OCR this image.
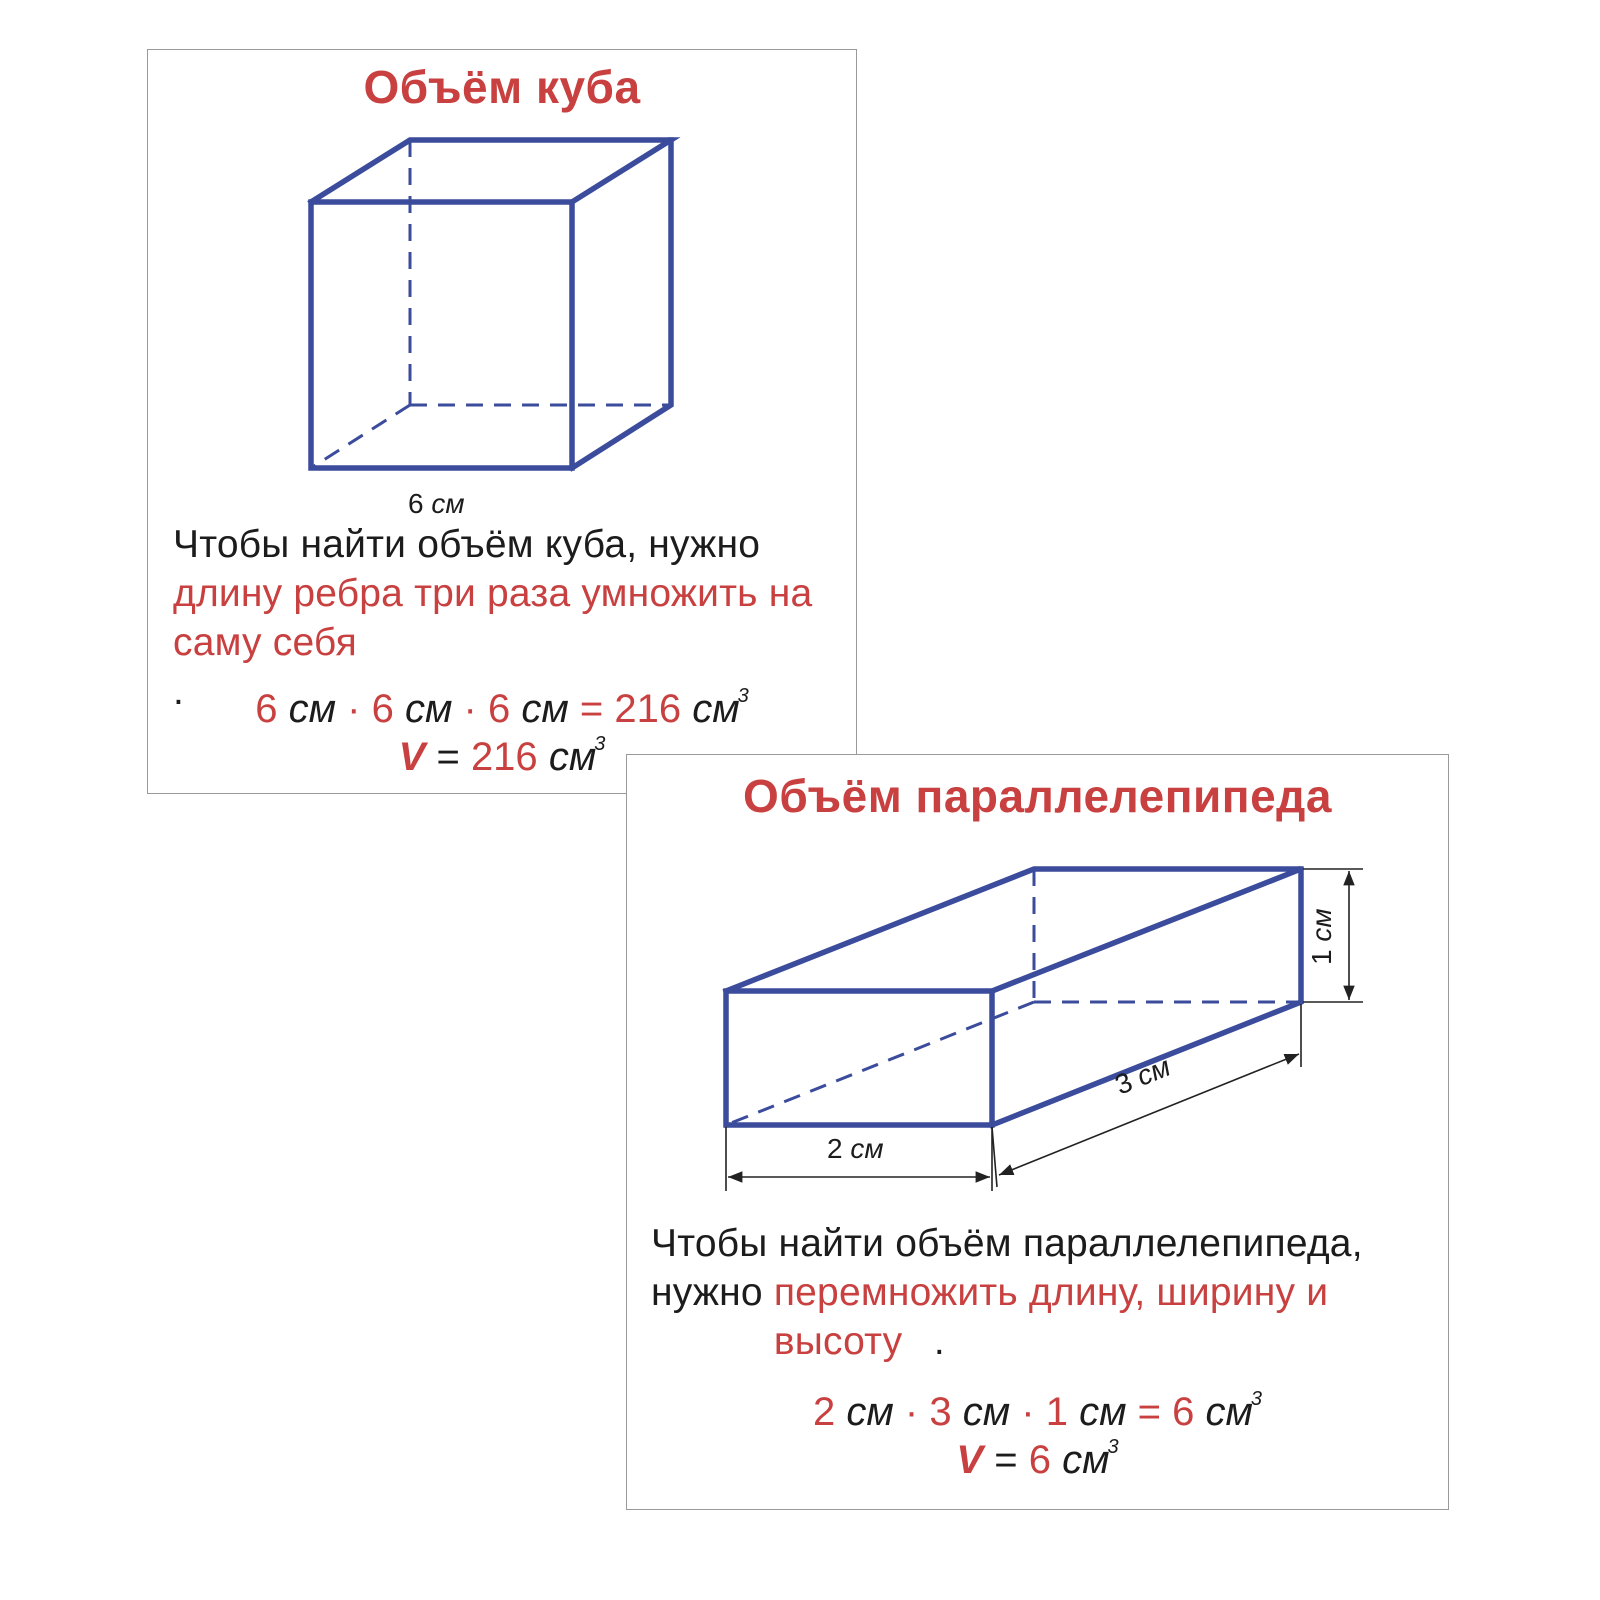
Объём куба
6 см
Чтобы найти объём куба, нужно
длину ребра три раза умножить на саму себя.	6 см · 6 см · 6 см = 216 $см^3$
V = 216 $см^3$
Объём параллелепипеда
3 см
1 см
2 см
Чтобы найти объём параллелепипеда,
нужно перемножить длину, ширину и высоту .
2 см · 3 см · 1 см = 6 $см^3$
V = 6 $см^3$
